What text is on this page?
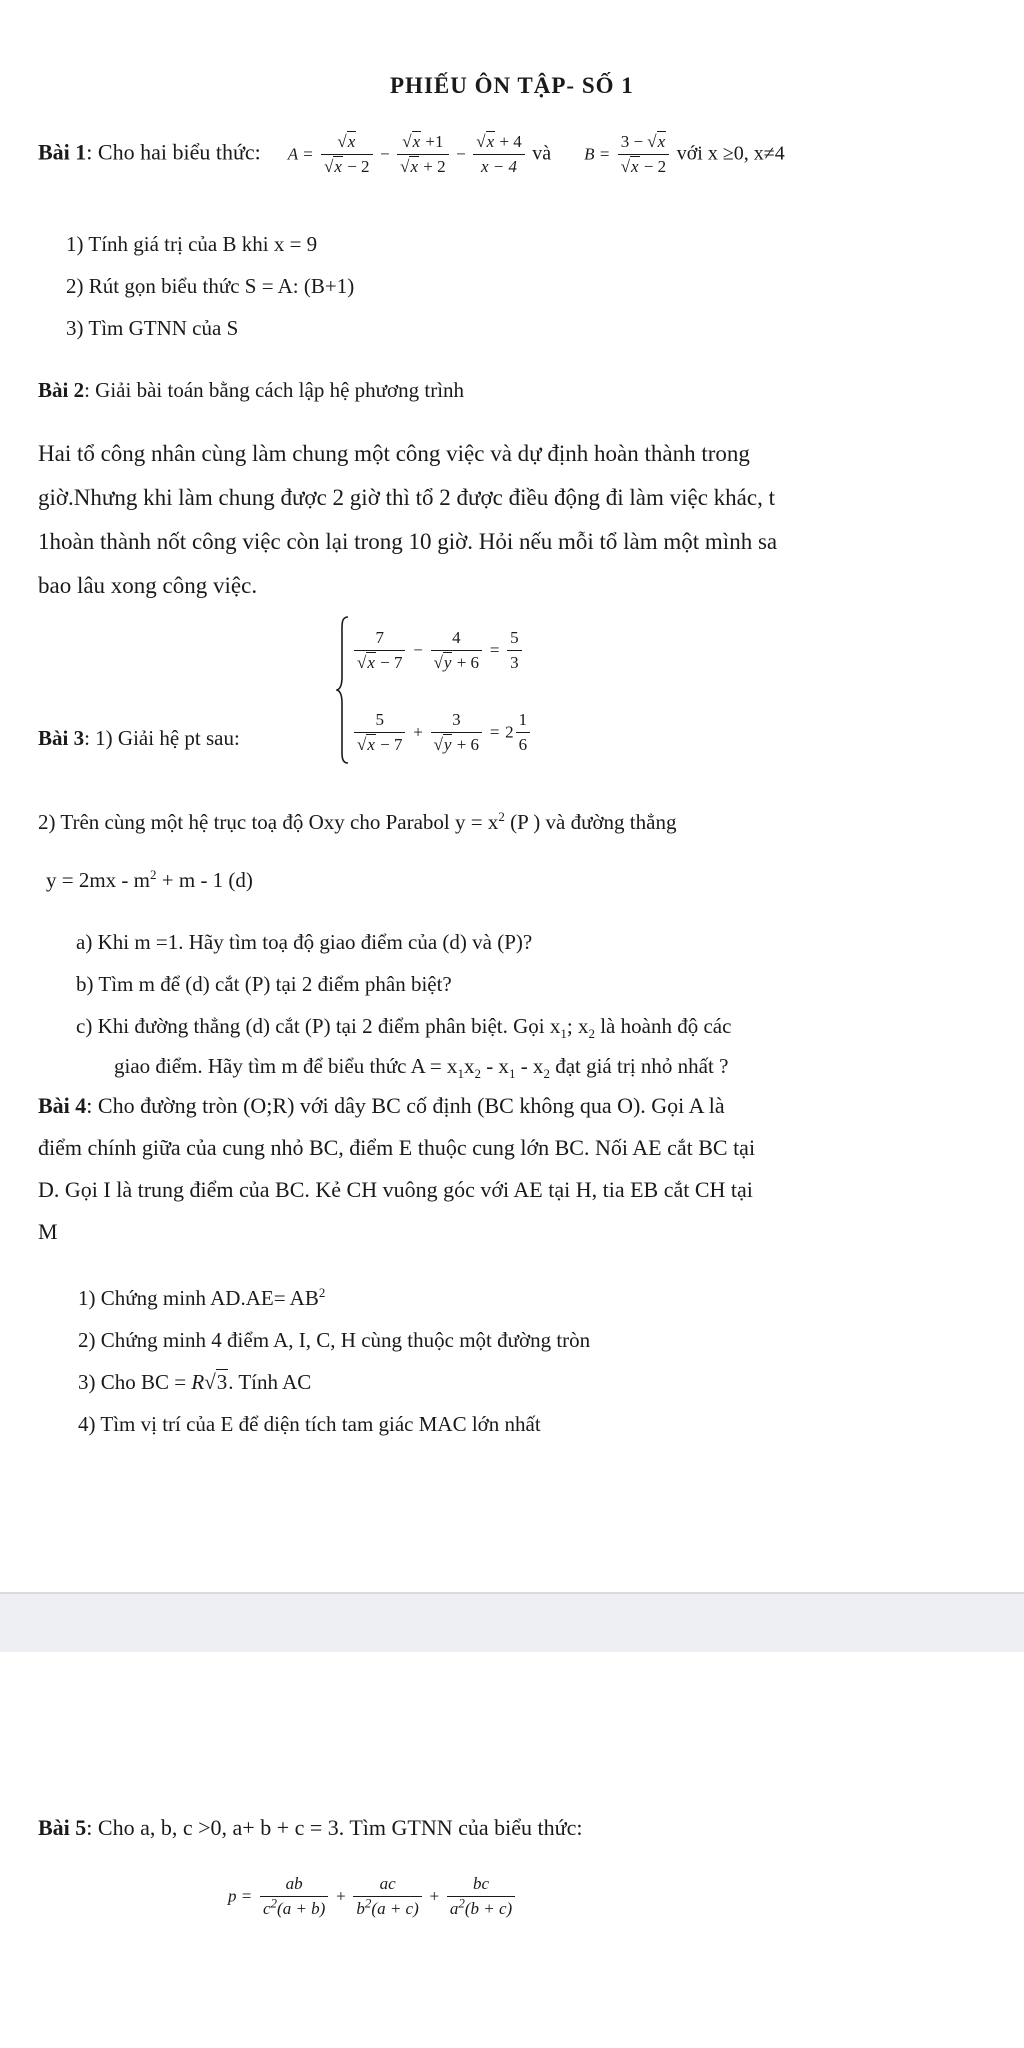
PHIẾU ÔN TẬP- SỐ 1
Bài 1: Cho hai biểu thức: $A = \frac{√x}{√x - 2} - \frac{√x +1}{√x + 2} - \frac{√x + 4}{x - 4}$ và $B = \frac{3 - √x}{√x - 2}$ với x ≥0, x≠4
1) Tính giá trị của B khi x = 9
2) Rút gọn biểu thức S = A: (B+1)
3) Tìm GTNN của S
Bài 2: Giải bài toán bằng cách lập hệ phương trình
Hai tổ công nhân cùng làm chung một công việc và dự định hoàn thành trong
giờ.Nhưng khi làm chung được 2 giờ thì tổ 2 được điều động đi làm việc khác, t
1hoàn thành nốt công việc còn lại trong 10 giờ. Hỏi nếu mỗi tổ làm một mình sa
bao lâu xong công việc.
$\frac{7}{√x - 7} - \frac{4}{√y + 6} = \frac{5}{3}$
Bài 3: 1) Giải hệ pt sau:	$\frac{5}{√x - 7} + \frac{3}{√y + 6} = 2 \frac{1}{6}$
2) Trên cùng một hệ trục toạ độ Oxy cho Parabol $y = x^2$ (P ) và đường thẳng
$y = 2mx - m^2 + m - 1$ (d)
a) Khi m =1. Hãy tìm toạ độ giao điểm của (d) và (P)?
b) Tìm m để (d) cắt (P) tại 2 điểm phân biệt?
c) Khi đường thẳng (d) cắt (P) tại 2 điểm phân biệt. Gọi $x_1$; $x_2$ là hoành độ các
giao điểm. Hãy tìm m để biểu thức $A = x_1x_2 - x_1 - x_2$ đạt giá trị nhỏ nhất ?
Bài 4: Cho đường tròn (O;R) với dây BC cố định (BC không qua O). Gọi A là
điểm chính giữa của cung nhỏ BC, điểm E thuộc cung lớn BC. Nối AE cắt BC tại
D. Gọi I là trung điểm của BC. Kẻ CH vuông góc với AE tại H, tia EB cắt CH tại
M
1) Chứng minh $AD.AE= AB^2$
2) Chứng minh 4 điểm A, I, C, H cùng thuộc một đường tròn
3) Cho BC = R√3. Tính AC
4) Tìm vị trí của E để diện tích tam giác MAC lớn nhất
Bài 5: Cho a, b, c >0, a+ b + c = 3. Tìm GTNN của biểu thức:
$p = \frac{ab}{c^2(a + b)} + \frac{ac}{b^2(a + c)} + \frac{bc}{a^2(b + c)}$
